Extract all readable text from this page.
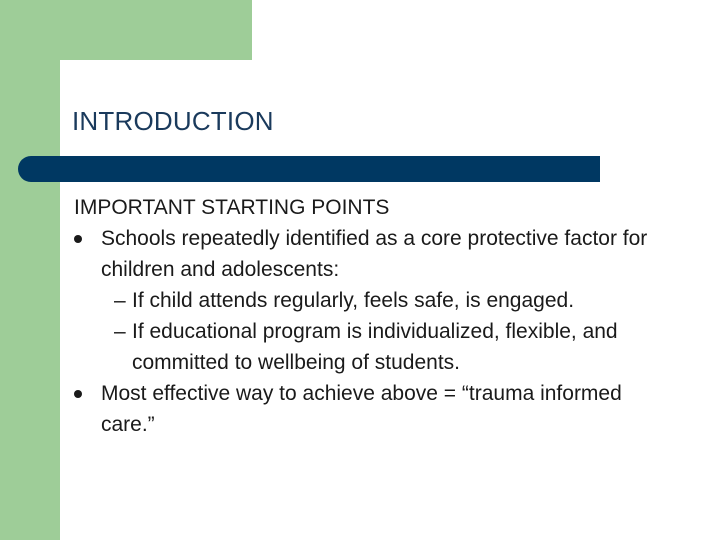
INTRODUCTION

IMPORTANT STARTING POINTS

Schools repeatedly identified as a core protective factor for children and adolescents:
– If child attends regularly, feels safe, is engaged.
– If educational program is individualized, flexible, and committed to wellbeing of students.
Most effective way to achieve above = “trauma informed care.”
